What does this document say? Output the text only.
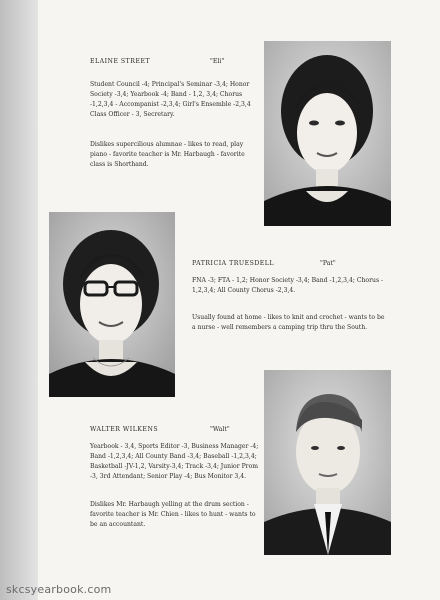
ELAINE STREET	"Eli"

Student Council -4; Principal's Seminar -3,4; Honor Society -3,4; Yearbook -4; Band - 1,2, 3,4; Chorus -1,2,3,4 - Accompanist -2,3,4; Girl's Ensemble -2,3,4 Class Officer - 3, Secretary.

Dislikes supercilious alumnae - likes to read, play piano - favorite teacher is Mr. Harbaugh - favorite class is Shorthand.

PATRICIA TRUESDELL	"Pat"

FNA -3; FTA - 1,2; Honor Society -3,4; Band -1,2,3,4; Chorus - 1,2,3,4; All County Chorus -2,3,4.

Usually found at home - likes to knit and crochet - wants to be a nurse - well remembers a camping trip thru the South.

WALTER WILKENS	"Walt"

Yearbook - 3,4, Sports Editor -3, Business Manager -4; Band -1,2,3,4; All County Band -3,4; Baseball -1,2,3,4; Basketball -JV-1,2, Varsity-3,4; Track -3,4; Junior Prom -3, 3rd Attendant; Senior Play -4; Bus Monitor 3,4.

Dislikes Mr. Harbaugh yelling at the drum section - favorite teacher is Mr. Chien - likes to hunt - wants to be an accountant.

skcsyearbook.com
